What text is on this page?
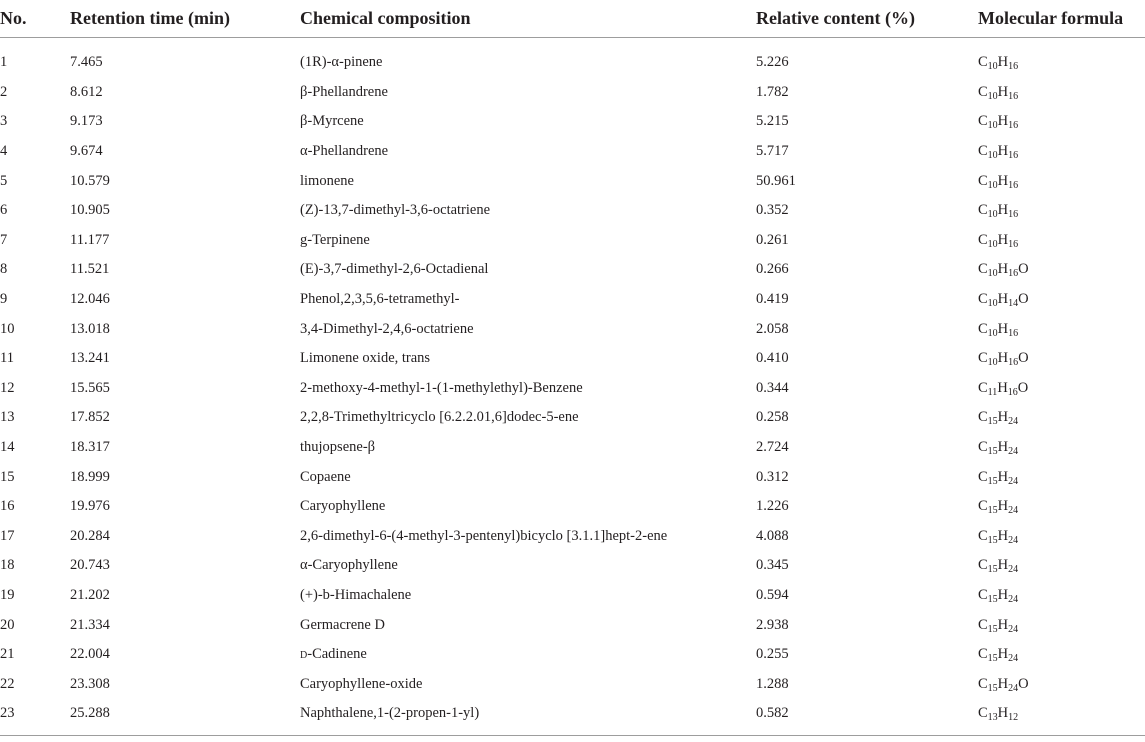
No.	Retention time (min)	Chemical composition	Relative content (%)	Molecular formula
1	7.465	(1R)-α-pinene	5.226	$C_{10}H_{16}$
2	8.612	β-Phellandrene	1.782	$C_{10}H_{16}$
3	9.173	β-Myrcene	5.215	$C_{10}H_{16}$
4	9.674	α-Phellandrene	5.717	$C_{10}H_{16}$
5	10.579	limonene	50.961	$C_{10}H_{16}$
6	10.905	(Z)-13,7-dimethyl-3,6-octatriene	0.352	$C_{10}H_{16}$
7	11.177	g-Terpinene	0.261	$C_{10}H_{16}$
8	11.521	(E)-3,7-dimethyl-2,6-Octadienal	0.266	$C_{10}H_{16}O$
9	12.046	Phenol,2,3,5,6-tetramethyl-	0.419	$C_{10}H_{14}O$
10	13.018	3,4-Dimethyl-2,4,6-octatriene	2.058	$C_{10}H_{16}$
11	13.241	Limonene oxide, trans	0.410	$C_{10}H_{16}O$
12	15.565	2-methoxy-4-methyl-1-(1-methylethyl)-Benzene	0.344	$C_{11}H_{16}O$
13	17.852	2,2,8-Trimethyltricyclo [6.2.2.01,6]dodec-5-ene	0.258	$C_{15}H_{24}$
14	18.317	thujopsene-β	2.724	$C_{15}H_{24}$
15	18.999	Copaene	0.312	$C_{15}H_{24}$
16	19.976	Caryophyllene	1.226	$C_{15}H_{24}$
17	20.284	2,6-dimethyl-6-(4-methyl-3-pentenyl)bicyclo [3.1.1]hept-2-ene	4.088	$C_{15}H_{24}$
18	20.743	α-Caryophyllene	0.345	$C_{15}H_{24}$
19	21.202	(+)-b-Himachalene	0.594	$C_{15}H_{24}$
20	21.334	Germacrene D	2.938	$C_{15}H_{24}$
21	22.004	d-Cadinene	0.255	$C_{15}H_{24}$
22	23.308	Caryophyllene-oxide	1.288	$C_{15}H_{24}O$
23	25.288	Naphthalene,1-(2-propen-1-yl)	0.582	$C_{13}H_{12}$
